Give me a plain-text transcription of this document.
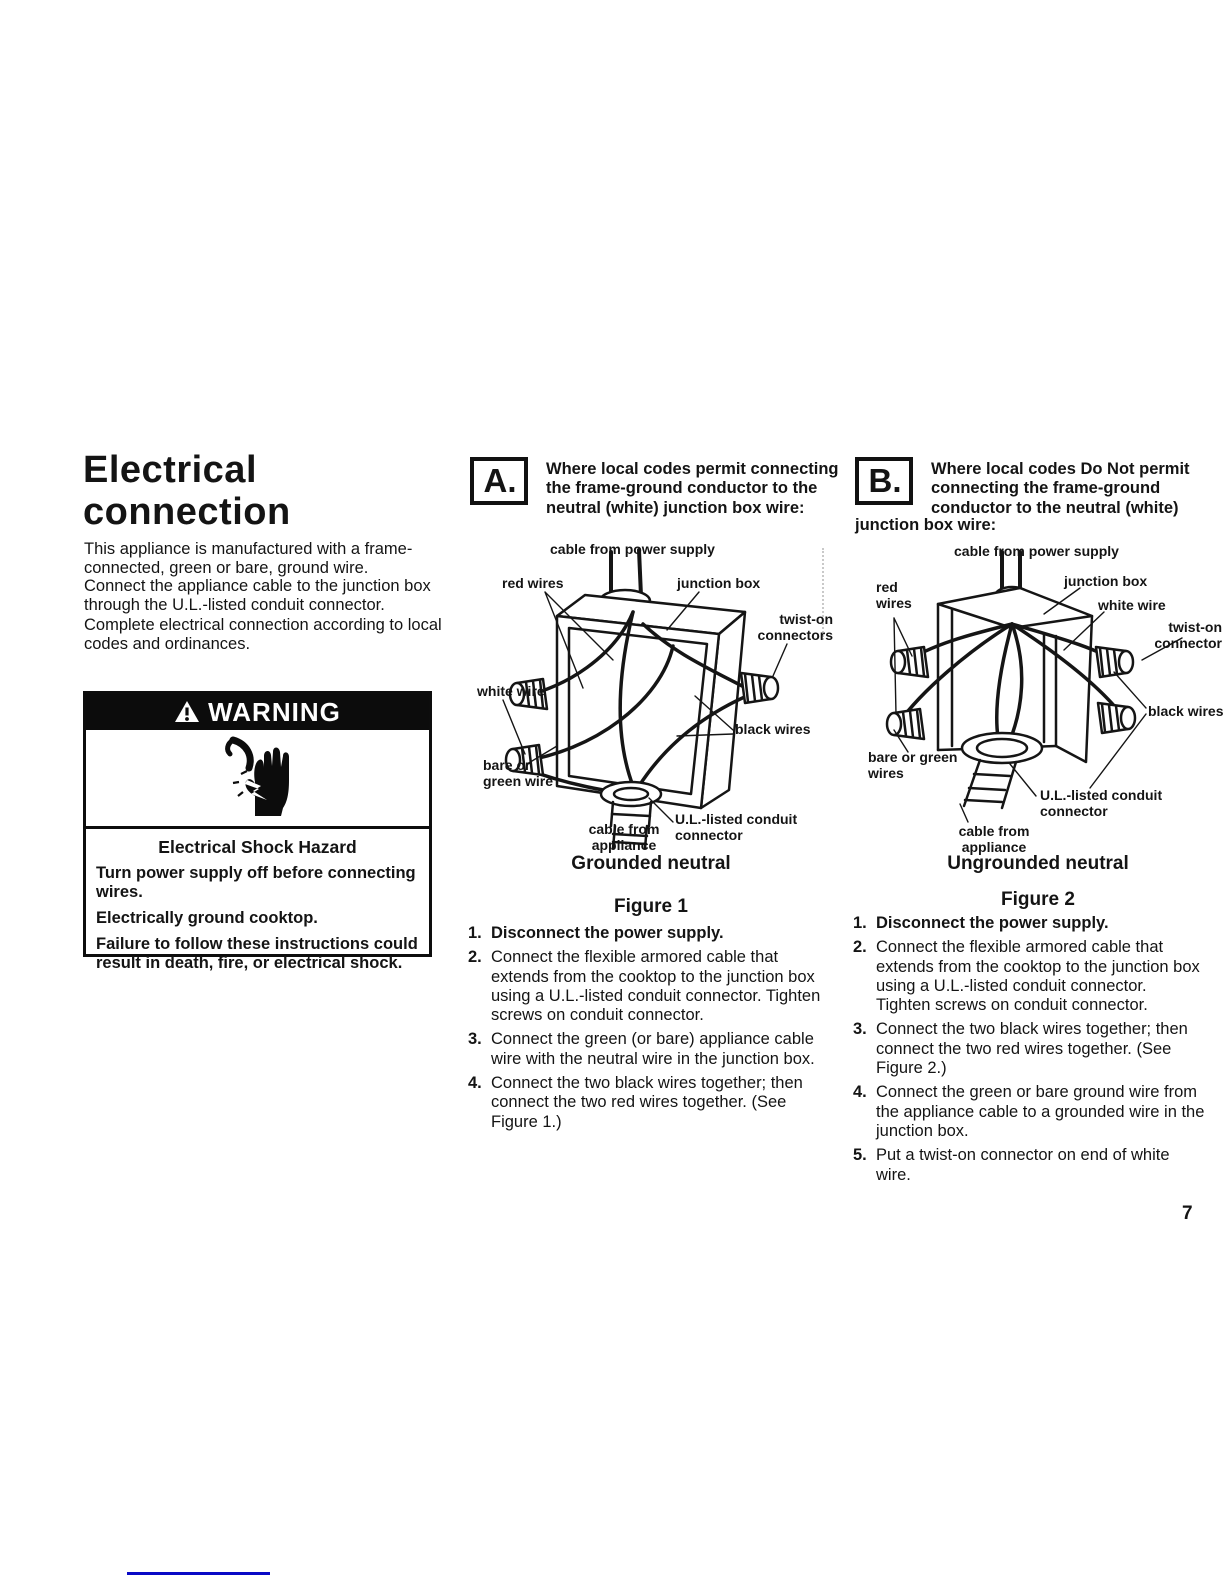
Electrical
connection
This appliance is manufactured with a frame-connected, green or bare, ground wire.
Connect the appliance cable to the junction box through the U.L.-listed conduit connector. Complete electrical connection according to local codes and ordinances.
WARNING
Electrical Shock Hazard

Turn power supply off before connecting wires.

Electrically ground cooktop.

Failure to follow these instructions could result in death, fire, or electrical shock.

A.	Where local codes permit connecting the frame-ground conductor to the neutral (white) junction box wire:
cable from power supply
red wires	junction box
twist-on connectors
white wire
black wires
bare or green wire
cable from appliance
U.L.-listed conduit connector
Grounded neutral
Figure 1
1. Disconnect the power supply.
2. Connect the flexible armored cable that extends from the cooktop to the junction box using a U.L.-listed conduit connector. Tighten screws on conduit connector.
3. Connect the green (or bare) appliance cable wire with the neutral wire in the junction box.
4. Connect the two black wires together; then connect the two red wires together. (See Figure 1.)
B.	Where local codes Do Not permit connecting the frame-ground conductor to the neutral (white)
junction box wire:
cable from power supply
red wires
junction box
white wire
twist-on connector
black wires
bare or green wires
cable from appliance
U.L.-listed conduit connector
Ungrounded neutral
Figure 2
1. Disconnect the power supply.
2. Connect the flexible armored cable that extends from the cooktop to the junction box using a U.L.-listed conduit connector. Tighten screws on conduit connector.
3. Connect the two black wires together; then connect the two red wires together. (See Figure 2.)
4. Connect the green or bare ground wire from the appliance cable to a grounded wire in the junction box.
5. Put a twist-on connector on end of white wire.
7
